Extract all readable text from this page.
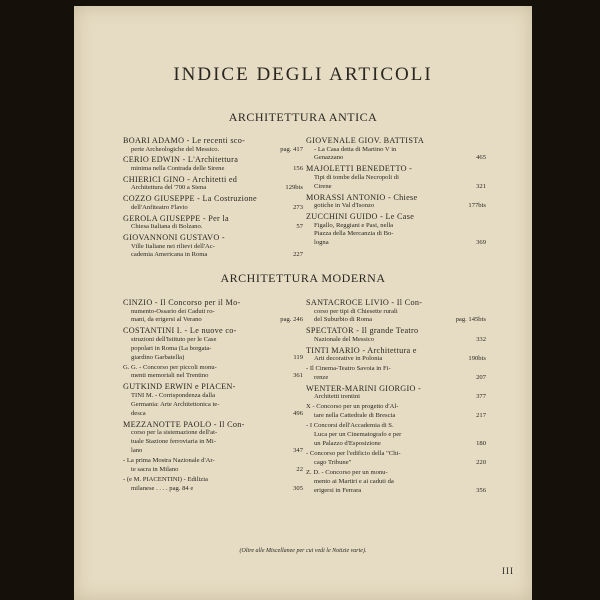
INDICE DEGLI ARTICOLI
ARCHITETTURA ANTICA
BOARI ADAMO - Le recenti sco-
perte Archeologiche del Messico.	pag. 417
CERIO EDWIN - L'Architettura
minima nella Contrada delle Sirene	156
CHIERICI GINO - Architetti ed
Architettura del '700 a Siena	129bis
COZZO GIUSEPPE - La Costruzione
dell'Anfiteatro Flavio	273
GEROLA GIUSEPPE - Per la
Chiesa Italiana di Bolzano.	57
GIOVANNONI GUSTAVO -
Ville Italiane nei rilievi dell'Ac-
cademia Americana in Roma	227
GIOVENALE GIOV. BATTISTA
- La Casa detta di Martino V in
Genazzano	465
MAJOLETTI BENEDETTO -
Tipi di tombe della Necropoli di
Cirene	321
MORASSI ANTONIO - Chiese
gotiche in Val d'Isonzo	177bis
ZUCCHINI GUIDO - Le Case
Figallo, Reggiani e Pasi, nella
Piazza della Mercanzia di Bo-
logna	369
ARCHITETTURA MODERNA
CINZIO - Il Concorso per il Mo-
numento-Ossario dei Caduti ro-
mani, da erigersi al Verano	pag. 246
COSTANTINI I. - Le nuove co-
struzioni dell'Istituto per le Case
popolari in Roma (La borgata-
giardino Garbatella)	119
G. G. - Concorso per piccoli monu-
menti memoriali nel Trentino	361
GUTKIND ERWIN e PIACEN-
TINI M. - Corrispondenza dalla
Germania: Arte Architettonica te-
desca	496
MEZZANOTTE PAOLO - Il Con-
corso per la sistemazione dell'at-
tuale Stazione ferroviaria in Mi-
lano	347
- La prima Mostra Nazionale d'Ar-
te sacra in Milano	22
- (e M. PIACENTINI) - Edilizia
milanese . . . . pag. 84 e	305
SANTACROCE LIVIO - Il Con-
corso per tipi di Chiesette rurali
del Suburbio di Roma	pag. 145bis
SPECTATOR - Il grande Teatro
Nazionale del Messico	332
TINTI MARIO - Architettura e
Arti decorative in Polonia	190bis
- Il Cinema-Teatro Savoia in Fi-
renze	207
WENTER-MARINI GIORGIO -
Architetti trentini	377
X - Concorso per un progetto d'Al-
tare nella Cattedrale di Brescia	217
- I Concorsi dell'Accademia di S.
Luca per un Cinematografo e per
un Palazzo d'Esposizione	180
- Concorso per l'edificio della "Chi-
cago Tribune"	220
Z. D. - Concorso per un monu-
mento ai Martiri e ai caduti da
erigersi in Ferrara	356
(Oltre alle Miscellanee per cui vedi le Notizie varie).
III
